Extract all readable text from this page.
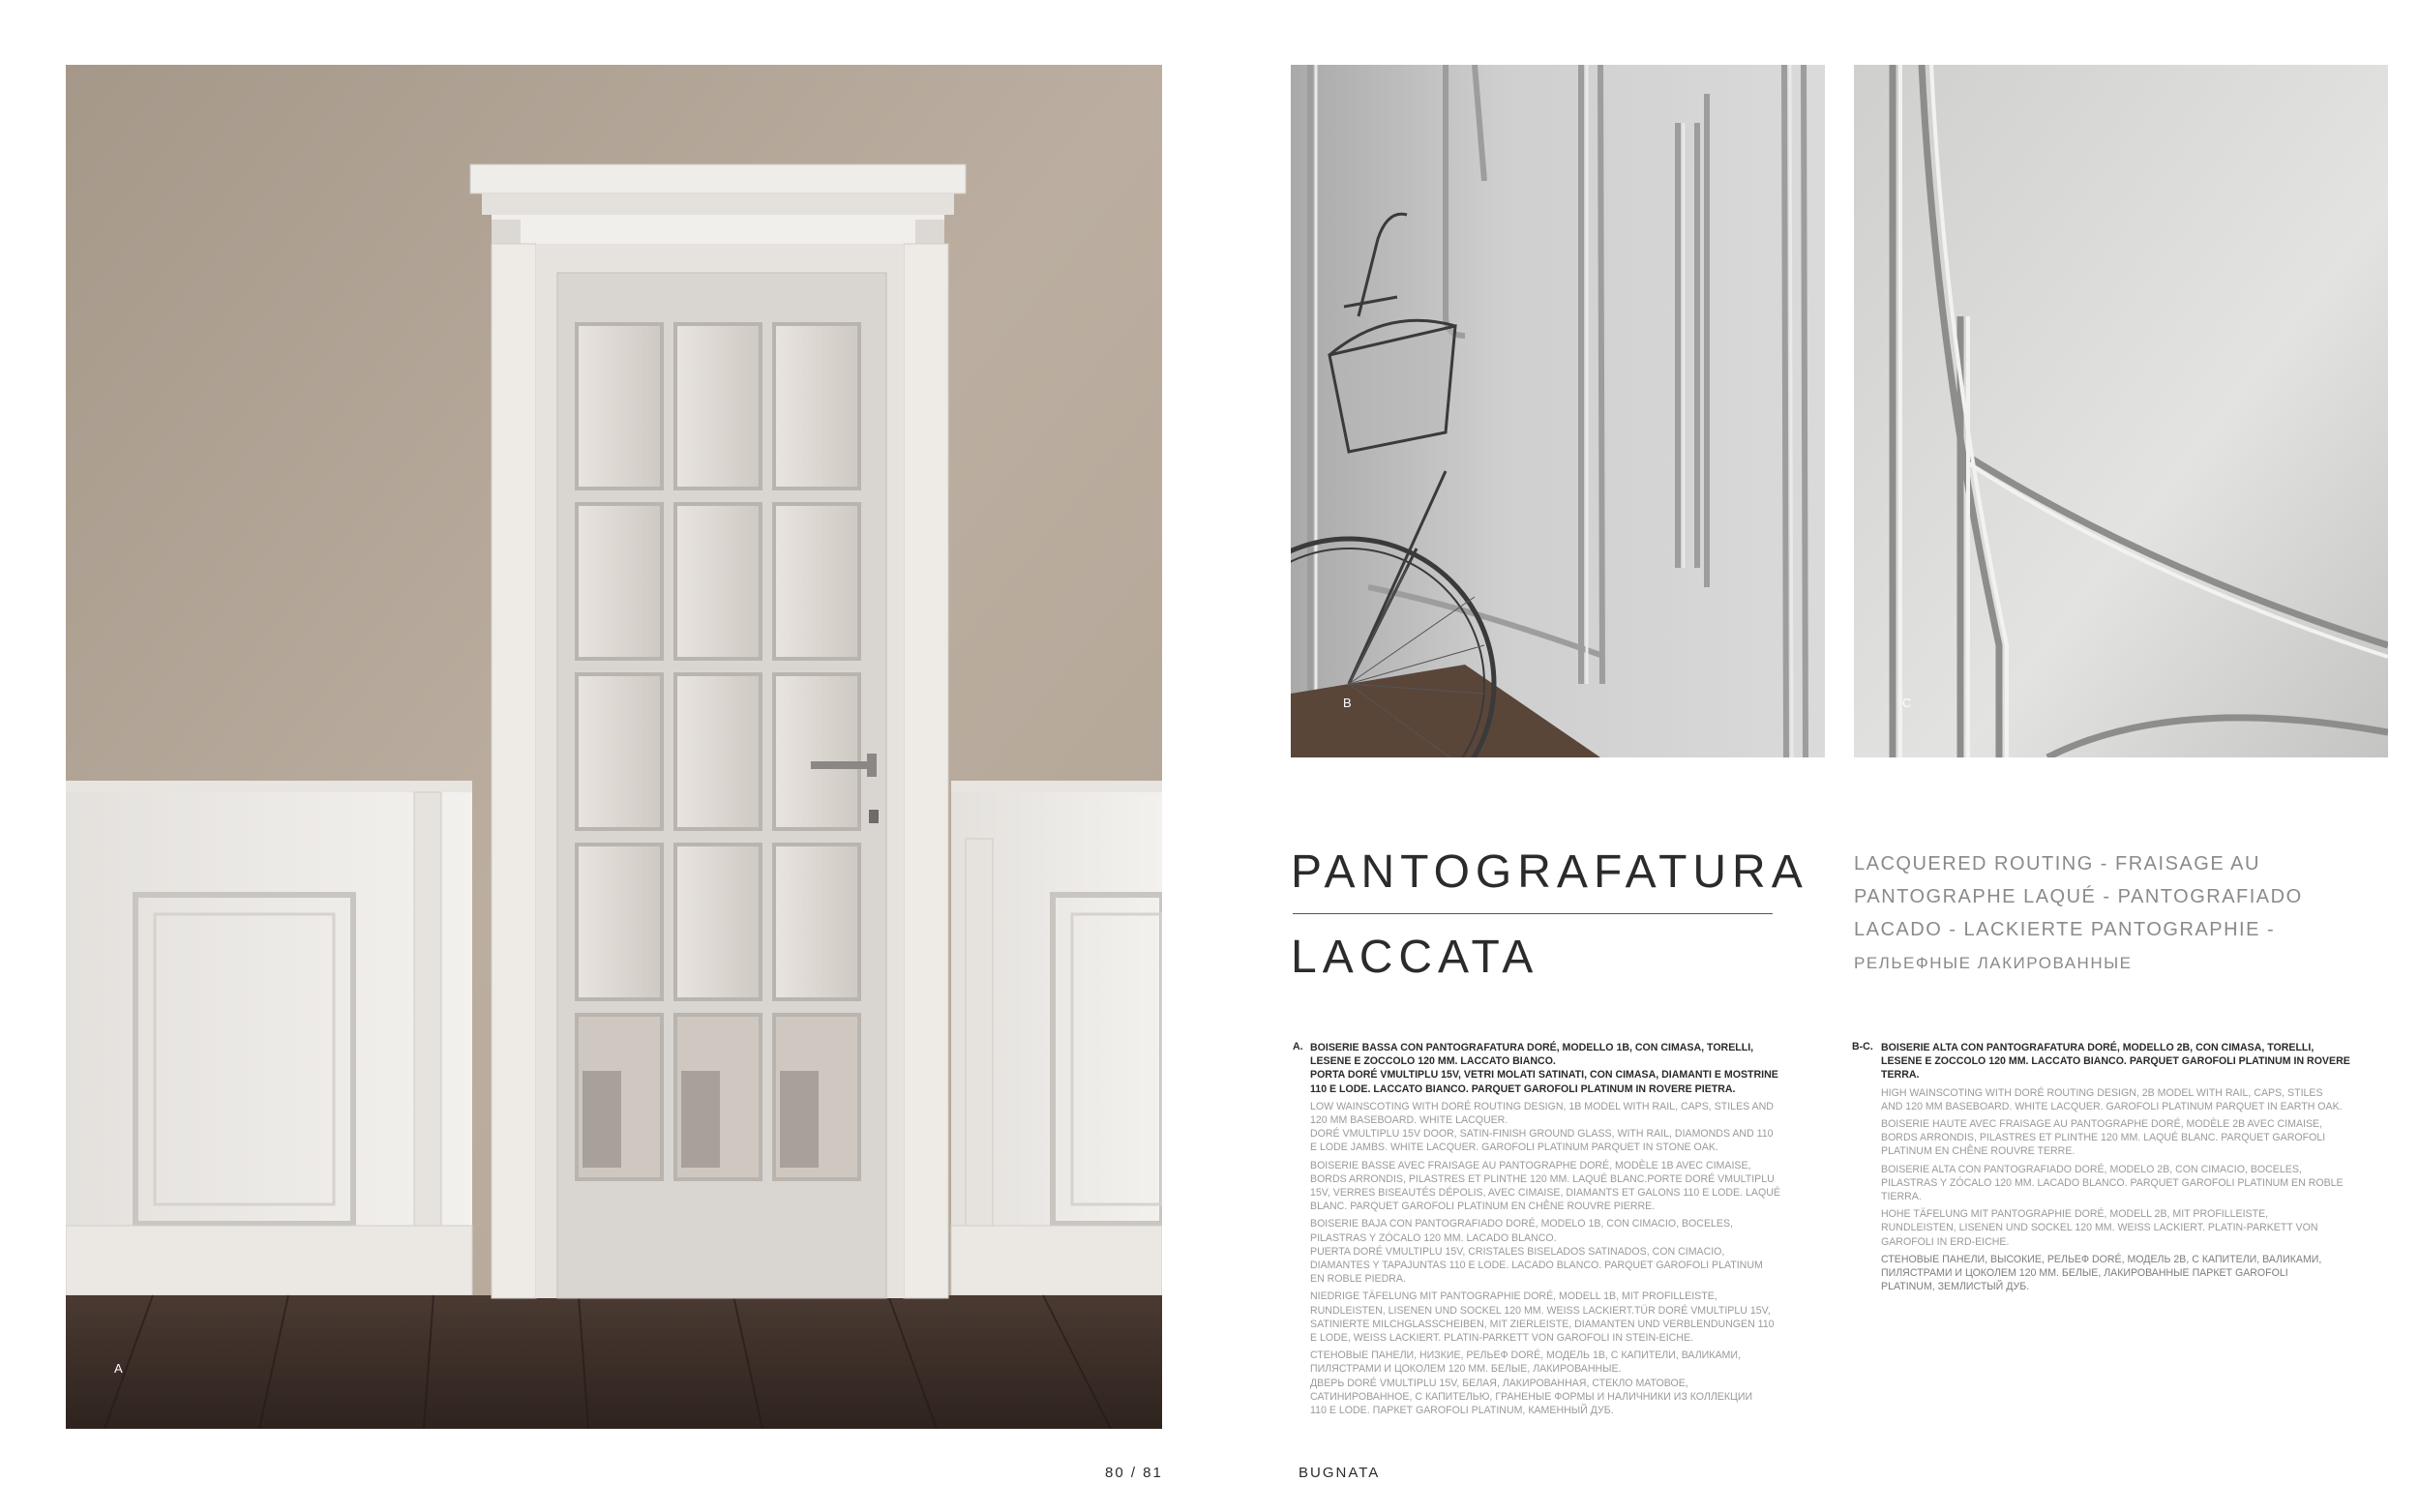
A
B	C
PANTOGRAFATURA
LACCATA
LACQUERED ROUTING - FRAISAGE AU
PANTOGRAPHE LAQUÉ - PANTOGRAFIADO
LACADO - LACKIERTE PANTOGRAPHIE -
РЕЛЬЕФНЫЕ ЛАКИРОВАННЫЕ
A. BOISERIE BASSA CON PANTOGRAFATURA DORÉ, MODELLO 1B, CON CIMASA, TORELLI,
LESENE E ZOCCOLO 120 MM. LACCATO BIANCO.
PORTA DORÉ VMULTIPLU 15V, VETRI MOLATI SATINATI, CON CIMASA, DIAMANTI E MOSTRINE
110 E LODE. LACCATO BIANCO. PARQUET GAROFOLI PLATINUM IN ROVERE PIETRA.
LOW WAINSCOTING WITH DORÉ ROUTING DESIGN, 1B MODEL WITH RAIL, CAPS, STILES AND
120 MM BASEBOARD. WHITE LACQUER.
DORÉ VMULTIPLU 15V DOOR, SATIN-FINISH GROUND GLASS, WITH RAIL, DIAMONDS AND 110
E LODE JAMBS. WHITE LACQUER. GAROFOLI PLATINUM PARQUET IN STONE OAK.
BOISERIE BASSE AVEC FRAISAGE AU PANTOGRAPHE DORÉ, MODÈLE 1B AVEC CIMAISE,
BORDS ARRONDIS, PILASTRES ET PLINTHE 120 MM. LAQUÉ BLANC.PORTE DORÉ VMULTIPLU
15V, VERRES BISEAUTÉS DÉPOLIS, AVEC CIMAISE, DIAMANTS ET GALONS 110 E LODE. LAQUÉ
BLANC. PARQUET GAROFOLI PLATINUM EN CHÊNE ROUVRE PIERRE.
BOISERIE BAJA CON PANTOGRAFIADO DORÉ, MODELO 1B, CON CIMACIO, BOCELES,
PILASTRAS Y ZÓCALO 120 MM. LACADO BLANCO.
PUERTA DORÉ VMULTIPLU 15V, CRISTALES BISELADOS SATINADOS, CON CIMACIO,
DIAMANTES Y TAPAJUNTAS 110 E LODE. LACADO BLANCO. PARQUET GAROFOLI PLATINUM
EN ROBLE PIEDRA.
NIEDRIGE TÄFELUNG MIT PANTOGRAPHIE DORÉ, MODELL 1B, MIT PROFILLEISTE,
RUNDLEISTEN, LISENEN UND SOCKEL 120 MM. WEISS LACKIERT.TÜR DORÉ VMULTIPLU 15V,
SATINIERTE MILCHGLASSCHEIBEN, MIT ZIERLEISTE, DIAMANTEN UND VERBLENDUNGEN 110
E LODE, WEISS LACKIERT. PLATIN-PARKETT VON GAROFOLI IN STEIN-EICHE.
СТЕНОВЫЕ ПАНЕЛИ, НИЗКИЕ, РЕЛЬЕФ DORÉ, МОДЕЛЬ 1B, С КАПИТЕЛИ, ВАЛИКАМИ,
ПИЛЯСТРАМИ И ЦОКОЛЕМ 120 ММ. БЕЛЫЕ, ЛАКИРОВАННЫЕ.
ДВЕРЬ DORÉ VMULTIPLU 15V, БЕЛАЯ, ЛАКИРОВАННАЯ, СТЕКЛО МАТОВОЕ,
САТИНИРОВАННОЕ, С КАПИТЕЛЬЮ, ГРАНЕНЫЕ ФОРМЫ И НАЛИЧНИКИ ИЗ КОЛЛЕКЦИИ
110 E LODE. ПАРКЕТ GAROFOLI PLATINUM, КАМЕННЫЙ ДУБ.
B-C. BOISERIE ALTA CON PANTOGRAFATURA DORÉ, MODELLO 2B, CON CIMASA, TORELLI,
LESENE E ZOCCOLO 120 MM. LACCATO BIANCO. PARQUET GAROFOLI PLATINUM IN ROVERE
TERRA.
HIGH WAINSCOTING WITH DORÉ ROUTING DESIGN, 2B MODEL WITH RAIL, CAPS, STILES
AND 120 MM BASEBOARD. WHITE LACQUER. GAROFOLI PLATINUM PARQUET IN EARTH OAK.
BOISERIE HAUTE AVEC FRAISAGE AU PANTOGRAPHE DORÉ, MODÈLE 2B AVEC CIMAISE,
BORDS ARRONDIS, PILASTRES ET PLINTHE 120 MM. LAQUÉ BLANC. PARQUET GAROFOLI
PLATINUM EN CHÊNE ROUVRE TERRE.
BOISERIE ALTA CON PANTOGRAFIADO DORÉ, MODELO 2B, CON CIMACIO, BOCELES,
PILASTRAS Y ZÓCALO 120 MM. LACADO BLANCO. PARQUET GAROFOLI PLATINUM EN ROBLE
TIERRA.
HOHE TÄFELUNG MIT PANTOGRAPHIE DORÉ, MODELL 2B, MIT PROFILLEISTE,
RUNDLEISTEN, LISENEN UND SOCKEL 120 MM. WEISS LACKIERT. PLATIN-PARKETT VON
GAROFOLI IN ERD-EICHE.
СТЕНОВЫЕ ПАНЕЛИ, ВЫСОКИЕ, РЕЛЬЕФ DORÉ, МОДЕЛЬ 2B, С КАПИТЕЛИ, ВАЛИКАМИ,
ПИЛЯСТРАМИ И ЦОКОЛЕМ 120 ММ. БЕЛЫЕ, ЛАКИРОВАННЫЕ ПАРКЕТ GAROFOLI
PLATINUM, ЗЕМЛИСТЫЙ ДУБ.
80 / 81	BUGNATA
